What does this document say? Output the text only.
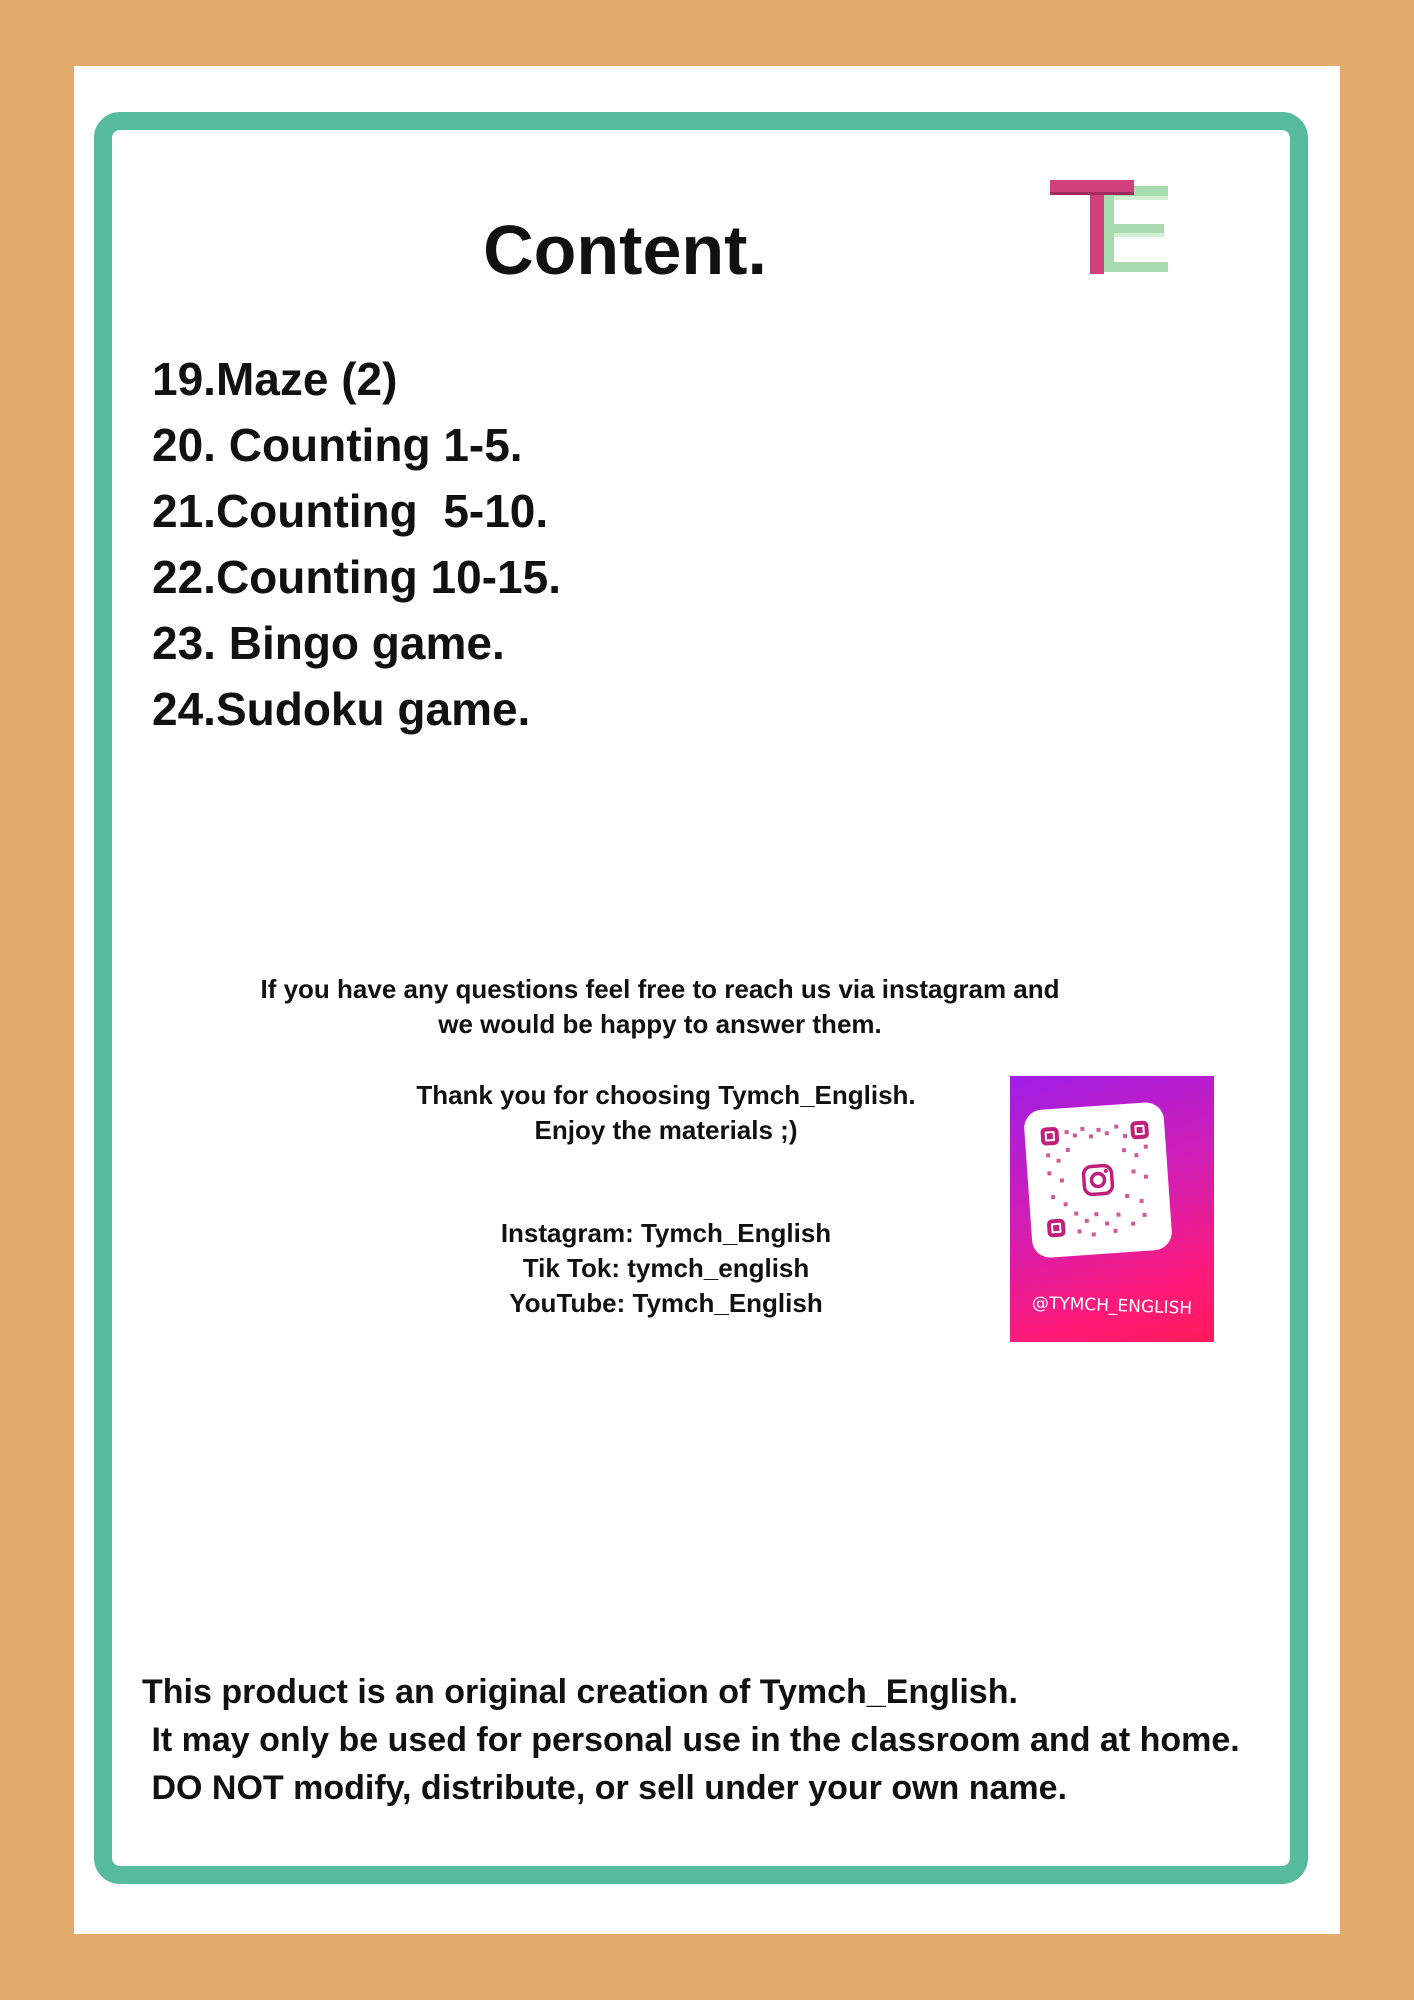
Content.
19.Maze (2)
20. Counting 1-5.
21.Counting  5-10.
22.Counting 10-15.
23. Bingo game.
24.Sudoku game.
If you have any questions feel free to reach us via instagram and
we would be happy to answer them.
Thank you for choosing Tymch_English.
Enjoy the materials ;)
Instagram: Tymch_English
Tik Tok: tymch_english
YouTube: Tymch_English	@TYMCH_ENGLISH
This product is an original creation of Tymch_English.
It may only be used for personal use in the classroom and at home.
DO NOT modify, distribute, or sell under your own name.
